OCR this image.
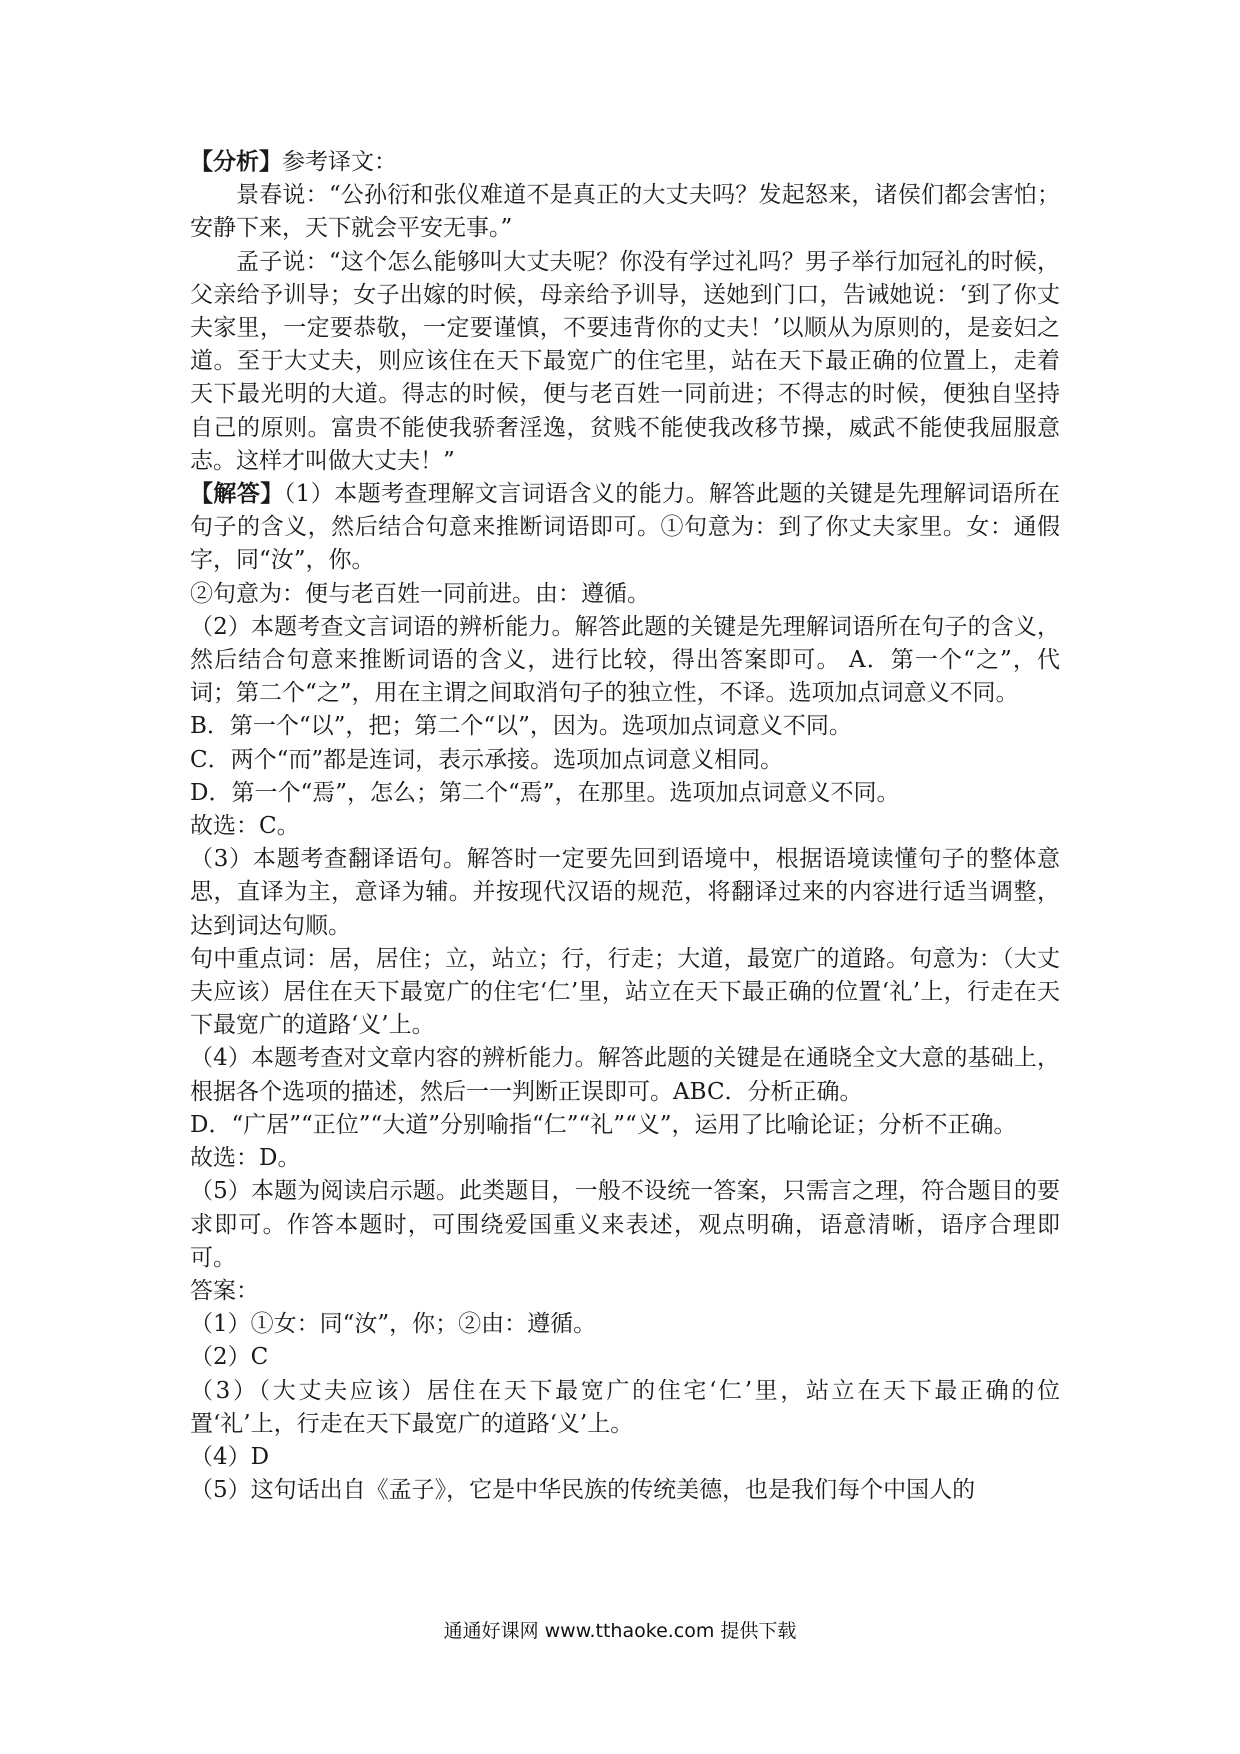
【分析】参考译文：

景春说：“公孙衍和张仪难道不是真正的大丈夫吗？发起怒来，诸侯们都会害怕；安静下来，天下就会平安无事。”

孟子说：“这个怎么能够叫大丈夫呢？你没有学过礼吗？男子举行加冠礼的时候，父亲给予训导；女子出嫁的时候，母亲给予训导，送她到门口，告诫她说：‘到了你丈夫家里，一定要恭敬，一定要谨慎，不要违背你的丈夫！’以顺从为原则的，是妾妇之道。至于大丈夫，则应该住在天下最宽广的住宅里，站在天下最正确的位置上，走着天下最光明的大道。得志的时候，便与老百姓一同前进；不得志的时候，便独自坚持自己的原则。富贵不能使我骄奢淫逸，贫贱不能使我改移节操，威武不能使我屈服意志。这样才叫做大丈夫！”

【解答】（1）本题考查理解文言词语含义的能力。解答此题的关键是先理解词语所在句子的含义，然后结合句意来推断词语即可。①句意为：到了你丈夫家里。女：通假字，同“汝”，你。

②句意为：便与老百姓一同前进。由：遵循。

（2）本题考查文言词语的辨析能力。解答此题的关键是先理解词语所在句子的含义，然后结合句意来推断词语的含义，进行比较，得出答案即可。 A．第一个“之”，代词；第二个“之”，用在主谓之间取消句子的独立性，不译。选项加点词意义不同。

B．第一个“以”，把；第二个“以”，因为。选项加点词意义不同。

C．两个“而”都是连词，表示承接。选项加点词意义相同。

D．第一个“焉”，怎么；第二个“焉”，在那里。选项加点词意义不同。

故选：C。

（3）本题考查翻译语句。解答时一定要先回到语境中，根据语境读懂句子的整体意思，直译为主，意译为辅。并按现代汉语的规范，将翻译过来的内容进行适当调整，达到词达句顺。

句中重点词：居，居住；立，站立；行，行走；大道，最宽广的道路。句意为：（大丈夫应该）居住在天下最宽广的住宅‘仁’里，站立在天下最正确的位置‘礼’上，行走在天下最宽广的道路‘义’上。

（4）本题考查对文章内容的辨析能力。解答此题的关键是在通晓全文大意的基础上，根据各个选项的描述，然后一一判断正误即可。ABC．分析正确。

D．“广居”“正位”“大道”分别喻指“仁”“礼”“义”，运用了比喻论证；分析不正确。

故选：D。

（5）本题为阅读启示题。此类题目，一般不设统一答案，只需言之理，符合题目的要求即可。作答本题时，可围绕爱国重义来表述，观点明确，语意清晰，语序合理即可。

答案：

（1）①女：同“汝”，你；②由：遵循。

（2）C

（3）（大丈夫应该）居住在天下最宽广的住宅‘仁’里，站立在天下最正确的位置‘礼’上，行走在天下最宽广的道路‘义’上。

（4）D

（5）这句话出自《孟子》，它是中华民族的传统美德，也是我们每个中国人的

通通好课网 www.tthaoke.com 提供下载
